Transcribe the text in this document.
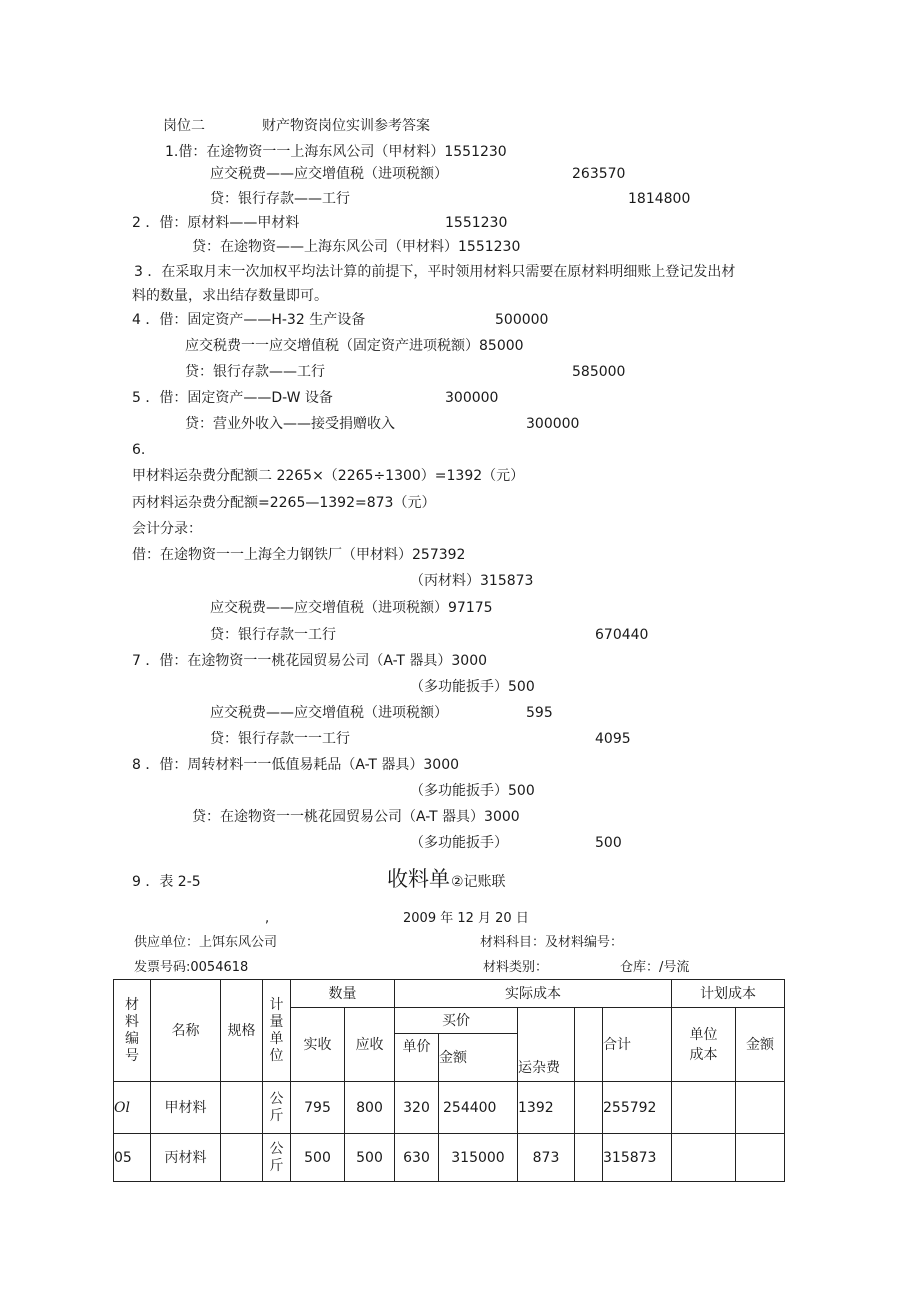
岗位二	财产物资岗位实训参考答案
1.借：在途物资一一上海东风公司（甲材料）1551230
应交税费——应交增值税（进项税额）	263570
贷：银行存款——工行	1814800
2 ．借：原材料——甲材料	1551230
贷：在途物资——上海东风公司（甲材料）1551230
3 ．在采取月末一次加权平均法计算的前提下，平时领用材料只需要在原材料明细账上登记发出材
料的数量，求出结存数量即可。
4 ．借：固定资产——H-32 生产设备	500000
应交税费一一应交增值税（固定资产进项税额）85000
贷：银行存款——工行	585000
5 ．借：固定资产——D-W 设备	300000
贷：营业外收入——接受捐赠收入	300000
6.
甲材料运杂费分配额二 2265×（2265÷1300）=1392（元）
丙材料运杂费分配额=2265—1392=873（元）
会计分录：
借：在途物资一一上海全力钢铁厂（甲材料）257392
（丙材料）315873
应交税费——应交增值税（进项税额）97175
贷：银行存款一工行	670440
7 ．借：在途物资一一桃花园贸易公司（A-T 器具）3000
（多功能扳手）500
应交税费——应交增值税（进项税额）	595
贷：银行存款一一工行	4095
8 ．借：周转材料一一低值易耗品（A-T 器具）3000
（多功能扳手）500
贷：在途物资一一桃花园贸易公司（A-T 器具）3000
（多功能扳手）	500
9 ．表 2-5	收料单 ②记账联
,	2009 年 12 月 20 日
供应单位：上饵东风公司	材料科目：及材料编号：
发票号码:0054618	材料类别：	仓库：/号流
材料编号	名称	规格	计量单位	数量		实际成本					计划成本	
				实收	应收	买价		运杂费		合计	单位成本	金额
						单价	金额					
Ol	甲材料		公斤	795	800	320	254400	1392		255792		
05	丙材料		公斤	500	500	630	315000	873		315873		
